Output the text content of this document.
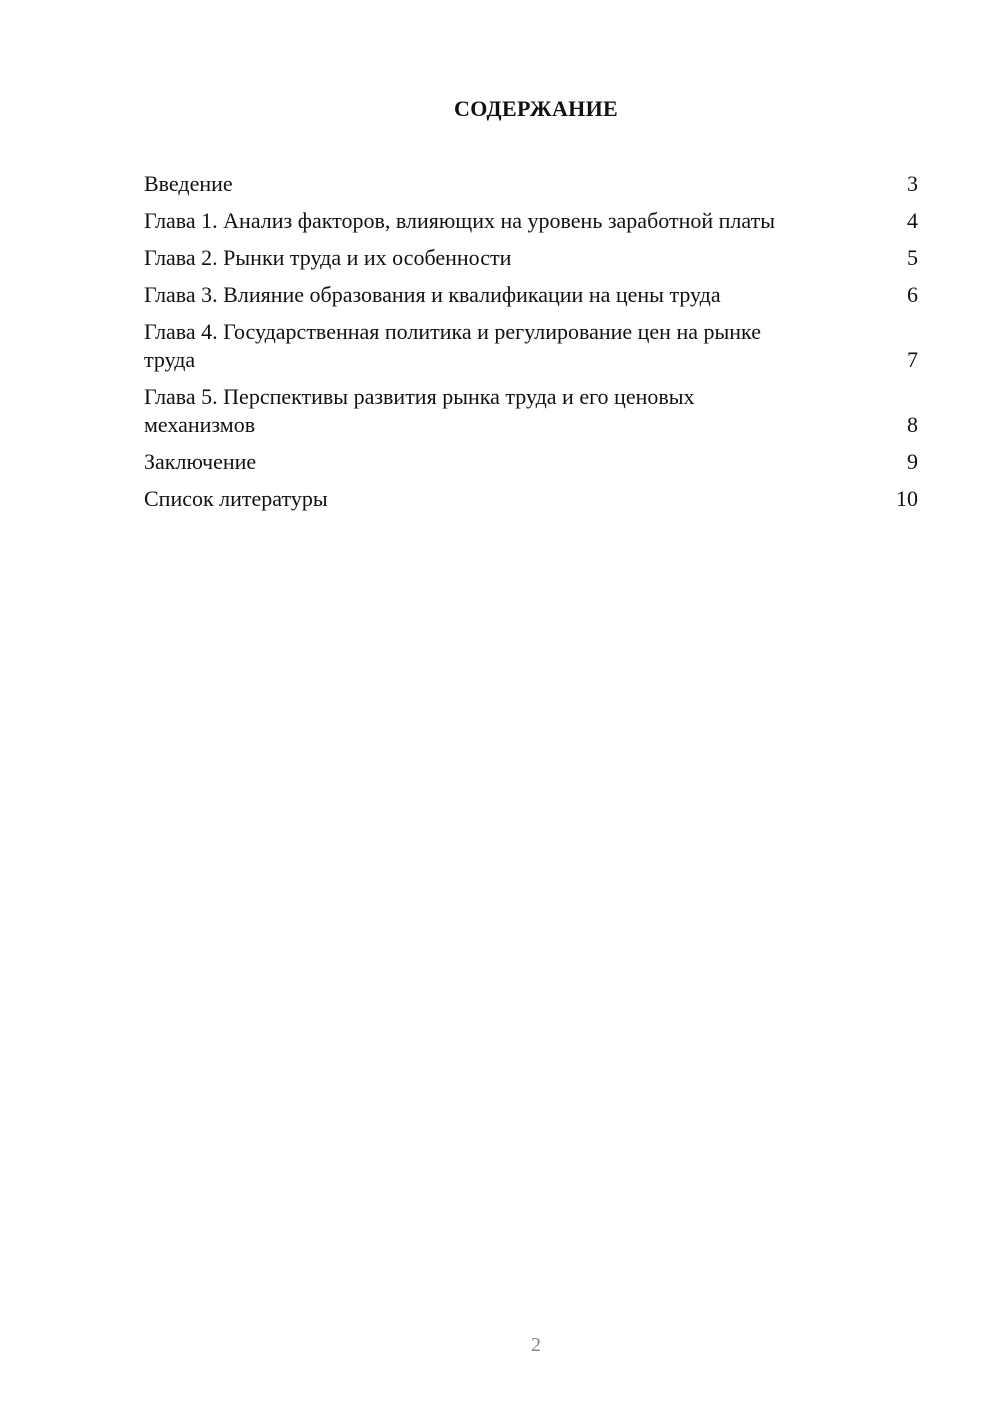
СОДЕРЖАНИЕ
Введение	3
Глава 1. Анализ факторов, влияющих на уровень заработной платы	4
Глава 2. Рынки труда и их особенности	5
Глава 3. Влияние образования и квалификации на цены труда	6
Глава 4. Государственная политика и регулирование цен на рынке труда	7
Глава 5. Перспективы развития рынка труда и его ценовых механизмов	8
Заключение	9
Список литературы	10
2
